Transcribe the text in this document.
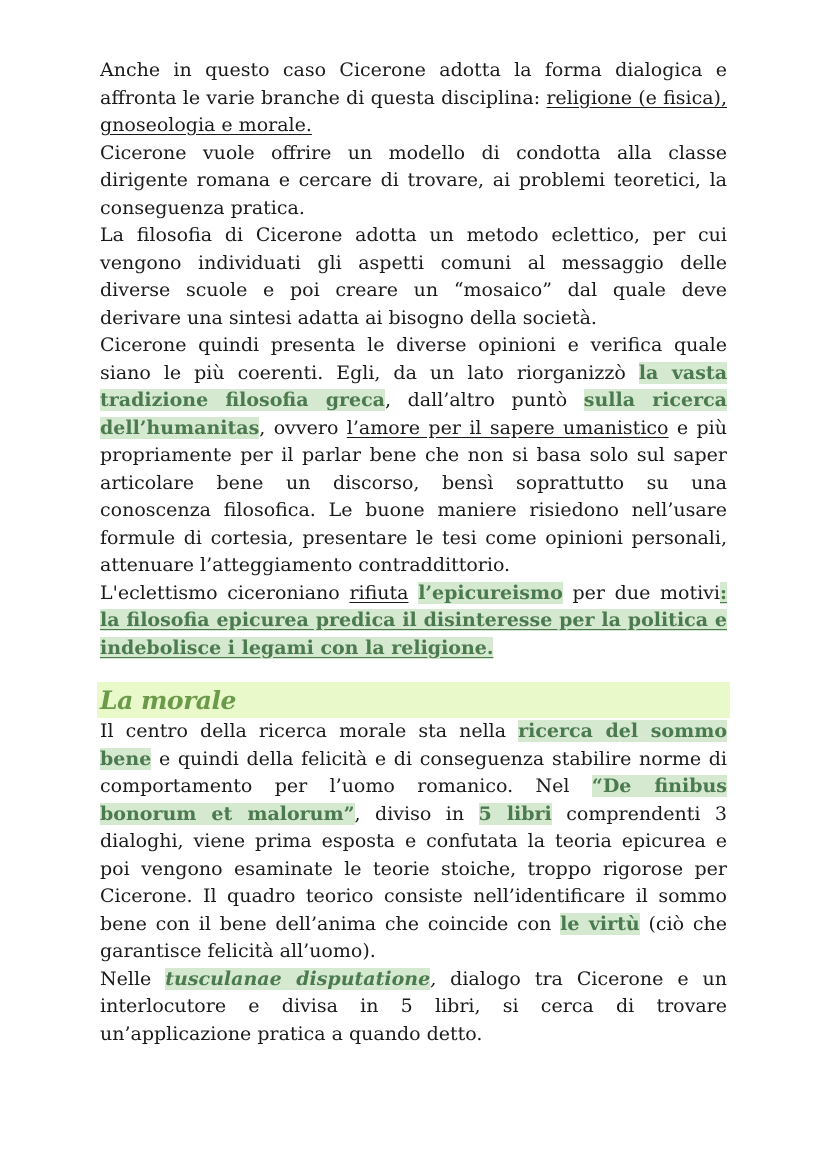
Anche in questo caso Cicerone adotta la forma dialogica e affronta le varie branche di questa disciplina: religione (e fisica), gnoseologia e morale.

Cicerone vuole offrire un modello di condotta alla classe dirigente romana e cercare di trovare, ai problemi teoretici, la conseguenza pratica.

La filosofia di Cicerone adotta un metodo eclettico, per cui vengono individuati gli aspetti comuni al messaggio delle diverse scuole e poi creare un “mosaico” dal quale deve derivare una sintesi adatta ai bisogno della società.

Cicerone quindi presenta le diverse opinioni e verifica quale siano le più coerenti. Egli, da un lato riorganizzò la vasta tradizione filosofia greca, dall’altro puntò sulla ricerca dell’humanitas, ovvero l’amore per il sapere umanistico e più propriamente per il parlar bene che non si basa solo sul saper articolare bene un discorso, bensì soprattutto su una conoscenza filosofica. Le buone maniere risiedono nell’usare formule di cortesia, presentare le tesi come opinioni personali, attenuare l’atteggiamento contraddittorio.

L'eclettismo ciceroniano rifiuta l’epicureismo per due motivi: la filosofia epicurea predica il disinteresse per la politica e indebolisce i legami con la religione.

La morale

Il centro della ricerca morale sta nella ricerca del sommo bene e quindi della felicità e di conseguenza stabilire norme di comportamento per l’uomo romanico. Nel “De finibus bonorum et malorum”, diviso in 5 libri comprendenti 3 dialoghi, viene prima esposta e confutata la teoria epicurea e poi vengono esaminate le teorie stoiche, troppo rigorose per Cicerone. Il quadro teorico consiste nell’identificare il sommo bene con il bene dell’anima che coincide con le virtù (ciò che garantisce felicità all’uomo).

Nelle tusculanae disputatione, dialogo tra Cicerone e un interlocutore e divisa in 5 libri, si cerca di trovare un’applicazione pratica a quando detto.
